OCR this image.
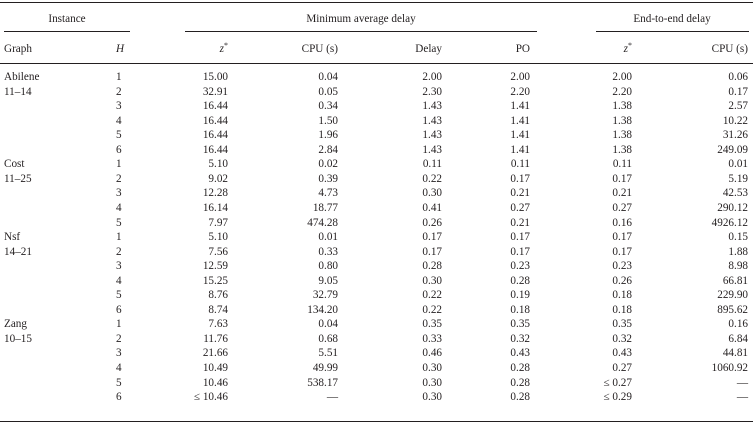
Instance	Minimum average delay	End-to-end delay
Graph	H	z*	CPU (s)	Delay	PO	z*	CPU (s)
Abilene	1	15.00	0.04	2.00	2.00	2.00	0.06
11–14	2	32.91	0.05	2.30	2.20	2.20	0.17
3	16.44	0.34	1.43	1.41	1.38	2.57
4	16.44	1.50	1.43	1.41	1.38	10.22
5	16.44	1.96	1.43	1.41	1.38	31.26
6	16.44	2.84	1.43	1.41	1.38	249.09
Cost	1	5.10	0.02	0.11	0.11	0.11	0.01
11–25	2	9.02	0.39	0.22	0.17	0.17	5.19
3	12.28	4.73	0.30	0.21	0.21	42.53
4	16.14	18.77	0.41	0.27	0.27	290.12
5	7.97	474.28	0.26	0.21	0.16	4926.12
Nsf	1	5.10	0.01	0.17	0.17	0.17	0.15
14–21	2	7.56	0.33	0.17	0.17	0.17	1.88
3	12.59	0.80	0.28	0.23	0.23	8.98
4	15.25	9.05	0.30	0.28	0.26	66.81
5	8.76	32.79	0.22	0.19	0.18	229.90
6	8.74	134.20	0.22	0.18	0.18	895.62
Zang	1	7.63	0.04	0.35	0.35	0.35	0.16
10–15	2	11.76	0.68	0.33	0.32	0.32	6.84
3	21.66	5.51	0.46	0.43	0.43	44.81
4	10.49	49.99	0.30	0.28	0.27	1060.92
5	10.46	538.17	0.30	0.28	≤ 0.27	—
6	≤ 10.46	—	0.30	0.28	≤ 0.29	—
